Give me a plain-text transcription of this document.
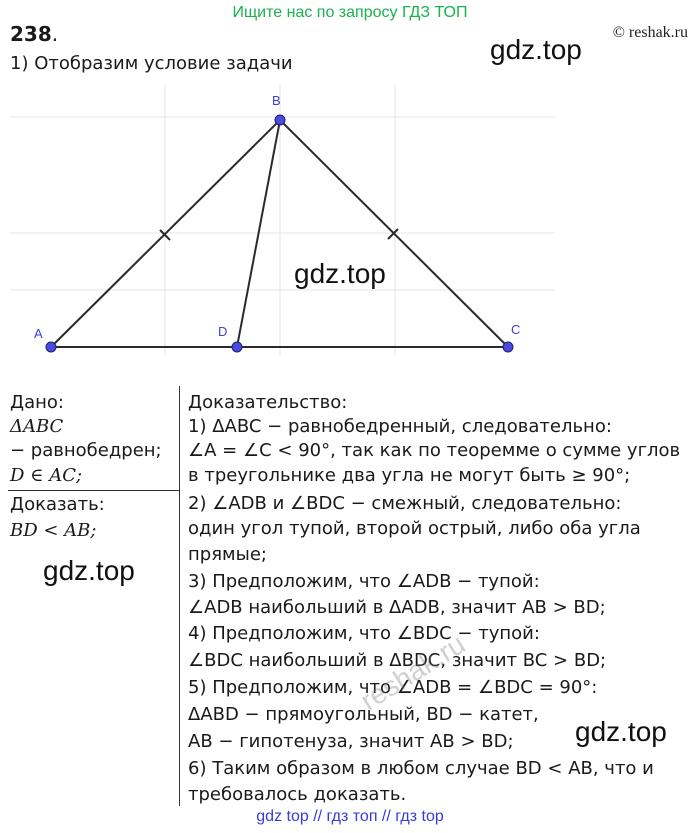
Ищите нас по запросу ГДЗ ТОП
© reshak.ru
238.
1) Отобразим условие задачи	gdz.top
A
B
C
D
gdz.top
Дано:
ΔABC
− равнобедрен;
D ∈ AC;
Доказать:
BD < AB;
gdz.top
Доказательство:
1) ΔABC − равнобедренный, следовательно:
∠A = ∠C < 90°, так как по теоремме о сумме углов
в треугольнике два угла не могут быть ≥ 90°;
2) ∠ADB и ∠BDC − смежный, следовательно:
один угол тупой, второй острый, либо оба угла
прямые;
3) Предположим, что ∠ADB − тупой:
∠ADB наибольший в ΔADB, значит AB > BD;
4) Предположим, что ∠BDC − тупой:
∠BDC наибольший в ΔBDC, значит BC > BD;
5) Предположим, что ∠ADB = ∠BDC = 90°:
ΔABD − прямоугольный, BD − катет,
AB − гипотенуза, значит AB > BD;
6) Таким образом в любом случае BD < AB, что и
требовалось доказать.
gdz.top
reshak.ru
gdz top // гдз топ // гдз top
